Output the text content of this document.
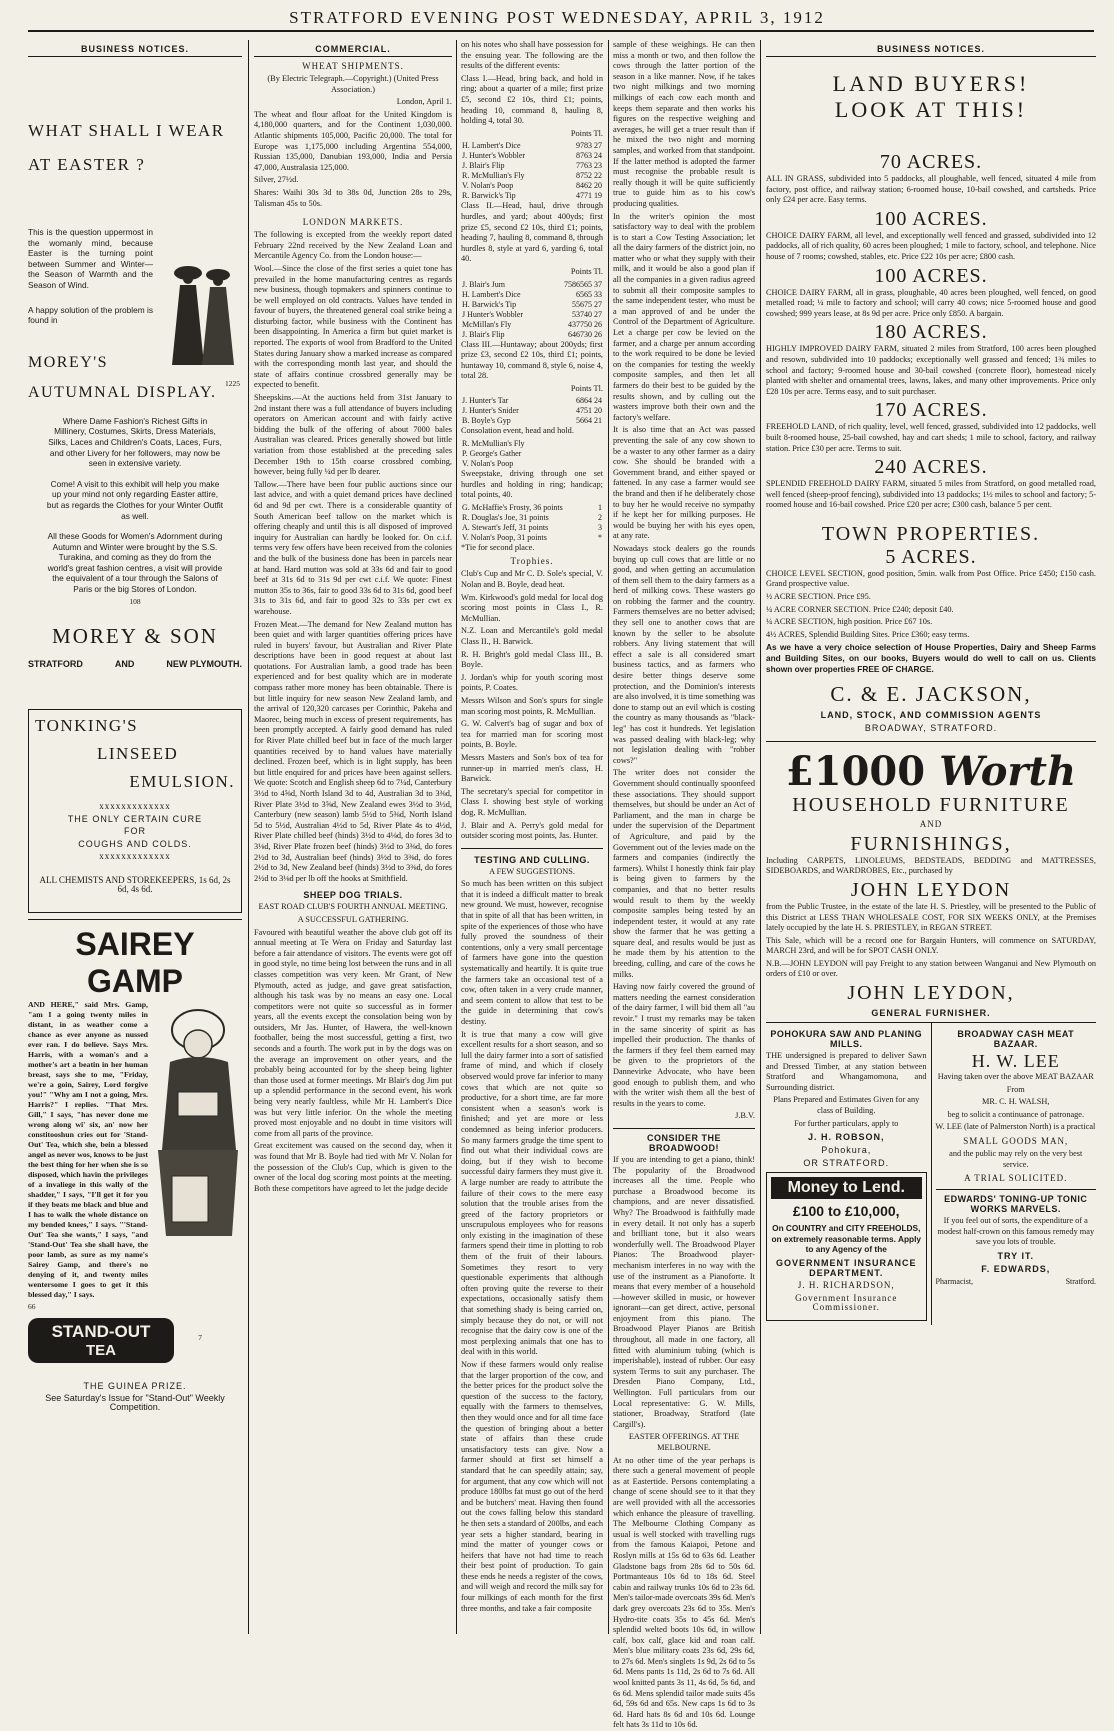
STRATFORD EVENING POST WEDNESDAY, APRIL 3, 1912
BUSINESS NOTICES.
WHAT SHALL I WEAR
AT EASTER ?

This is the question uppermost in the womanly mind, because Easter is the turning point between Summer and Winter—the Season of Warmth and the Season of Wind.

A happy solution of the problem is found in

1225
MOREY'S
AUTUMNAL DISPLAY.

Where Dame Fashion's Richest Gifts in Millinery, Costumes, Skirts, Dress Materials, Silks, Laces and Children's Coats, Laces, Furs, and other Livery for her followers, may now be seen in extensive variety.

Come! A visit to this exhibit will help you make up your mind not only regarding Easter attire, but as regards the Clothes for your Winter Outfit as well.

All these Goods for Women's Adornment during Autumn and Winter were brought by the S.S. Turakina, and coming as they do from the world's great fashion centres, a visit will provide the equivalent of a tour through the Salons of Paris or the big Stores of London.

108
MOREY & SON
STRATFORD	AND	NEW PLYMOUTH.
TONKING'S
LINSEED
EMULSION.
xxxxxxxxxxxxx
THE ONLY CERTAIN CURE
FOR
COUGHS AND COLDS.
xxxxxxxxxxxxx
ALL CHEMISTS AND STOREKEEPERS, 1s 6d, 2s 6d, 4s 6d.
SAIREY GAMP

AND HERE," said Mrs. Gamp, "am I a going twenty miles in distant, in as weather come a chance as ever anyone as nussed ever ran. I do believe. Says Mrs. Harris, with a woman's and a mother's art a beatin in her human breast, says she to me, "Friday, we're a goin, Sairey, Lord forgive you!" "Why am I not a going, Mrs. Harris?" I replies. "That Mrs. Gill," I says, "has never done me wrong along wi' six, an' now her constitooshun cries out for 'Stand-Out' Tea, which she, bein a blessed angel as never wos, knows to be just the best thing for her when she is so disposed, which havin the privileges of a invaliege in this wally of the shadder," I says, "I'll get it for you if they beats me black and blue and I has to walk the whole distance on my bended knees," I says. "'Stand-Out' Tea she wants," I says, "and 'Stand-Out' Tea she shall have, the poor lamb, as sure as my name's Sairey Gamp, and there's no denying of it, and twenty miles wentersome I goes to get it this blessed day," I says.

66
STAND-OUT
TEA
7
THE GUINEA PRIZE.
See Saturday's Issue for "Stand-Out" Weekly Competition.
COMMERCIAL.
WHEAT SHIPMENTS.

(By Electric Telegraph.—Copyright.) (United Press Association.)

London, April 1.

The wheat and flour afloat for the United Kingdom is 4,180,000 quarters, and for the Continent 1,030,000. Atlantic shipments 105,000, Pacific 20,000. The total for Europe was 1,175,000 including Argentina 554,000, Russian 135,000, Danubian 193,000, India and Persia 47,000, Australasia 125,000.

Silver, 27½d.

Shares: Waihi 30s 3d to 38s 0d, Junction 28s to 29s, Talisman 45s to 50s.

LONDON MARKETS.

The following is excepted from the weekly report dated February 22nd received by the New Zealand Loan and Mercantile Agency Co. from the London house:—

Wool.—Since the close of the first series a quiet tone has prevailed in the home manufacturing centres as regards new business, though topmakers and spinners continue to be well employed on old contracts. Values have tended in favour of buyers, the threatened general coal strike being a disturbing factor, while business with the Continent has been disappointing. In America a firm but quiet market is reported. The exports of wool from Bradford to the United States during January show a marked increase as compared with the corresponding month last year, and should the state of affairs continue crossbred generally may be expected to benefit.

Sheepskins.—At the auctions held from 31st January to 2nd instant there was a full attendance of buyers including operators on American account and with fairly active bidding the bulk of the offering of about 7000 bales Australian was cleared. Prices generally showed but little variation from those established at the preceding sales December 19th to 15th coarse crossbred combing, however, being fully ¼d per lb dearer.

Tallow.—There have been four public auctions since our last advice, and with a quiet demand prices have declined 6d and 9d per cwt. There is a considerable quantity of South American beef tallow on the market which is offering cheaply and until this is all disposed of improved inquiry for Australian can hardly be looked for. On c.i.f. terms very few offers have been received from the colonies and the bulk of the business done has been in parcels near at hand. Hard mutton was sold at 33s 6d and fair to good beef at 31s 6d to 31s 9d per cwt c.i.f. We quote: Finest mutton 35s to 36s, fair to good 33s 6d to 31s 6d, good beef 31s to 31s 6d, and fair to good 32s to 33s per cwt ex warehouse.

Frozen Meat.—The demand for New Zealand mutton has been quiet and with larger quantities offering prices have ruled in buyers' favour, but Australian and River Plate descriptions have been in good request at about last quotations. For Australian lamb, a good trade has been experienced and for best quality which are in moderate compass rather more money has been obtainable. There is but little inquiry for new season New Zealand lamb, and the arrival of 120,320 carcases per Corinthic, Pakeha and Maorec, being much in excess of present requirements, has been promptly accepted. A fairly good demand has ruled for River Plate chilled beef but in face of the much larger quantities received by to hand values have materially declined. Frozen beef, which is in light supply, has been but little enquired for and prices have been against sellers. We quote: Scotch and English sheep 6d to 7¼d, Canterbury 3½d to 4⅝d, North Island 3d to 4d, Australian 3d to 3⅜d, River Plate 3½d to 3⅝d, New Zealand ewes 3½d to 3½d, Canterbury (new season) lamb 5½d to 5⅜d, North Island 5d to 5½d, Australian 4½d to 5d, River Plate 4s to 4½d, River Plate chilled beef (hinds) 3½d to 4⅛d, do fores 3d to 3⅛d, River Plate frozen beef (hinds) 3½d to 3⅜d, do fores 2½d to 3d, Australian beef (hinds) 3½d to 3⅜d, do fores 2½d to 3d, New Zealand beef (hinds) 3½d to 3⅜d, do fores 2½d to 3⅛d per lb off the hooks at Smithfield.

SHEEP DOG TRIALS.

EAST ROAD CLUB'S FOURTH ANNUAL MEETING.

A SUCCESSFUL GATHERING.

Favoured with beautiful weather the above club got off its annual meeting at Te Wera on Friday and Saturday last before a fair attendance of visitors. The events were got off in good style, no time being lost between the runs and in all classes competition was very keen. Mr Grant, of New Plymouth, acted as judge, and gave great satisfaction, although his task was by no means an easy one. Local competitors were not quite so successful as in former years, all the events except the consolation being won by outsiders, Mr Jas. Hunter, of Hawera, the well-known footballer, being the most successful, getting a first, two seconds and a fourth. The work put in by the dogs was on the average an improvement on other years, and the probably being accounted for by the sheep being lighter than those used at former meetings. Mr Blair's dog Jim put up a splendid performance in the second event, his work being very nearly faultless, while Mr H. Lambert's Dice was but very little inferior. On the whole the meeting proved most enjoyable and no doubt in time visitors will come from all parts of the province.

Great excitement was caused on the second day, when it was found that Mr B. Boyle had tied with Mr V. Nolan for the possession of the Club's Cup, which is given to the owner of the local dog scoring most points at the meeting. Both these competitors have agreed to let the judge decide

on his notes who shall have possession for the ensuing year. The following are the results of the different events:

Class I.—Head, bring back, and hold in ring; about a quarter of a mile; first prize £5, second £2 10s, third £1; points, heading 10, command 8, hauling 8, holding 4, total 30.

Points Tl.
H. Lambert's Dice	9783 27
J. Hunter's Wobbler	8763 24
J. Blair's Flip	7763 23
R. McMullian's Fly	8752 22
V. Nolan's Poop	8462 20
R. Barwick's Tip	4771 19

Class II.—Head, haul, drive through hurdles, and yard; about 400yds; first prize £5, second £2 10s, third £1; points, heading 7, hauling 8, command 8, through hurdles 8, style at yard 6, yarding 6, total 40.

Points Tl.
J. Blair's Jum	7586565 37
H. Lambert's Dice	6565 33
H. Barwick's Tip	55675 27
J Hunter's Wobbler	53740 27
McMillan's Fly	437750 26
J. Blair's Flip	646730 26

Class III.—Huntaway; about 200yds; first prize £3, second £2 10s, third £1; points, huntaway 10, command 8, style 6, noise 4, total 28.

Points Tl.
J. Hunter's Tar	6864 24
J. Hunter's Snider	4751 20
B. Boyle's Gyp	5664 21

Consolation event, head and hold.

R. McMullian's Fly	
P. George's Gather	
V. Nolan's Poop	

Sweepstake, driving through one set hurdles and holding in ring; handicap; total points, 40.

G. McHaffie's Frosty, 36 points	1
R. Douglas's Joe, 31 points	2
A. Stewart's Jeff, 31 points	3
V. Nolan's Poop, 31 points	*

*Tie for second place.

Trophies.

Club's Cup and Mr C. D. Sole's special, V. Nolan and B. Boyle, dead heat.

Wm. Kirkwood's gold medal for local dog scoring most points in Class I., R. McMullian.

N.Z. Loan and Mercantile's gold medal Class II., H. Barwick.

R. H. Bright's gold medal Class III., B. Boyle.

J. Jordan's whip for youth scoring most points, P. Coates.

Messrs Wilson and Son's spurs for single man scoring most points, R. McMullian.

G. W. Calvert's bag of sugar and box of tea for married man for scoring most points, B. Boyle.

Messrs Masters and Son's box of tea for runner-up in married men's class, H. Barwick.

The secretary's special for competitor in Class I. showing best style of working dog, R. McMullian.

J. Blair and A. Perry's gold medal for outsider scoring most points, Jas. Hunter.

TESTING AND CULLING.

A FEW SUGGESTIONS.

So much has been written on this subject that it is indeed a difficult matter to break new ground. We must, however, recognise that in spite of all that has been written, in spite of the experiences of those who have fully proved the soundness of their contentions, only a very small percentage of farmers have gone into the question systematically and heartily. It is quite true the farmers take an occasional test of a cow, often taken in a very crude manner, and seem content to allow that test to be the guide in determining that cow's destiny.

It is true that many a cow will give excellent results for a short season, and so lull the dairy farmer into a sort of satisfied frame of mind, and which if closely observed would prove far inferior to many cows that which are not quite so productive, for a short time, are far more consistent when a season's work is finished; and yet are more or less condemned as being inferior producers. So many farmers grudge the time spent to find out what their individual cows are doing, but if they wish to become successful dairy farmers they must give it. A large number are ready to attribute the failure of their cows to the mere easy solution that the trouble arises from the greed of the factory proprietors or unscrupulous employees who for reasons only existing in the imagination of these farmers spend their time in plotting to rob them of the fruit of their labours. Sometimes they resort to very questionable experiments that although often proving quite the reverse to their expectations, occasionally satisfy them that something shady is being carried on, simply because they do not, or will not recognise that the dairy cow is one of the most perplexing animals that one has to deal with in this world.

Now if these farmers would only realise that the larger proportion of the cow, and the better prices for the product solve the question of the success to the factory, equally with the farmers to themselves, then they would once and for all time face the question of bringing about a better state of affairs than these crude unsatisfactory tests can give. Now a farmer should at first set himself a standard that he can speedily attain; say, for argument, that any cow which will not produce 180lbs fat must go out of the herd and be butchers' meat. Having then found out the cows falling below this standard he then sets a standard of 200lbs, and each year sets a higher standard, bearing in mind the matter of younger cows or heifers that have not had time to reach their best point of production. To gain these ends he needs a register of the cows, and will weigh and record the milk say for four milkings of each month for the first three months, and take a fair composite

sample of these weighings. He can then miss a month or two, and then follow the cows through the latter portion of the season in a like manner. Now, if he takes two night milkings and two morning milkings of each cow each month and keeps them separate and then works his figures on the respective weighing and averages, he will get a truer result than if he mixed the two night and morning samples, and worked from that standpoint. If the latter method is adopted the farmer must recognise the probable result is really though it will be quite sufficiently true to guide him as to his cow's producing qualities.

In the writer's opinion the most satisfactory way to deal with the problem is to start a Cow Testing Association; let all the dairy farmers of the district join, no matter who or what they supply with their milk, and it would be also a good plan if all the companies in a given radius agreed to submit all their composite samples to the same independent tester, who must be a man approved of and be under the Control of the Department of Agriculture. Let a charge per cow be levied on the farmer, and a charge per annum according to the work required to be done be levied on the companies for testing the weekly composite samples, and then let all farmers do their best to be guided by the results shown, and by culling out the wasters improve both their own and the factory's welfare.

It is also time that an Act was passed preventing the sale of any cow shown to be a waster to any other farmer as a dairy cow. She should be branded with a Government brand, and either spayed or fattened. In any case a farmer would see the brand and then if he deliberately chose to buy her he would receive no sympathy if he kept her for milking purposes. He would be buying her with his eyes open, at any rate.

Nowadays stock dealers go the rounds buying up cull cows that are little or no good, and when getting an accumulation of them sell them to the dairy farmers as a herd of milking cows. These wasters go on robbing the farmer and the country. Farmers themselves are no better advised; they sell one to another cows that are known by the seller to be absolute robbers. Any living statement that will effect a sale is all considered smart business tactics, and as farmers who desire better things deserve some protection, and the Dominion's interests are also involved, it is time something was done to stamp out an evil which is costing the country as many thousands as "black-leg" has cost it hundreds. Yet legislation was passed dealing with black-leg; why not legislation dealing with "robber cows?"

The writer does not consider the Government should continually spoonfeed these associations. They should support themselves, but should be under an Act of Parliament, and the man in charge be under the supervision of the Department of Agriculture, and paid by the Government out of the levies made on the farmers and companies (indirectly the farmers). Whilst I honestly think fair play is being given to farmers by the companies, and that no better results would result to them by the weekly composite samples being tested by an independent tester, it would at any rate show the farmer that he was getting a square deal, and results would be just as he made them by his attention to the breeding, culling, and care of the cows he milks.

Having now fairly covered the ground of matters needing the earnest consideration of the dairy farmer, I will bid them all "au revoir." I trust my remarks may be taken in the same sincerity of spirit as has impelled their production. The thanks of the farmers if they feel them earned may be given to the proprietors of the Dannevirke Advocate, who have been good enough to publish them, and who with the writer wish them all the best of results in the years to come.

J.B.V.

CONSIDER THE BROADWOOD!

If you are intending to get a piano, think! The popularity of the Broadwood increases all the time. People who purchase a Broadwood become its champions, and are never dissatisfied. Why? The Broadwood is faithfully made in every detail. It not only has a superb and brilliant tone, but it also wears wonderfully well. The Broadwood Player Pianos: The Broadwood player-mechanism interferes in no way with the use of the instrument as a Pianoforte. It means that every member of a household—however skilled in music, or however ignorant—can get direct, active, personal enjoyment from this piano. The Broadwood Player Pianos are British throughout, all made in one factory, all fitted with aluminium tubing (which is imperishable), instead of rubber. Our easy system Terms to suit any purchaser. The Dresden Piano Company, Ltd., Wellington. Full particulars from our Local representative: G. W. Mills, stationer, Broadway, Stratford (late Cargill's).

EASTER OFFERINGS. AT THE MELBOURNE.

At no other time of the year perhaps is there such a general movement of people as at Eastertide. Persons contemplating a change of scene should see to it that they are well provided with all the accessories which enhance the pleasure of travelling. The Melbourne Clothing Company as usual is well stocked with travelling rugs from the famous Kaiapoi, Petone and Roslyn mills at 15s 6d to 63s 6d. Leather Gladstone bags from 28s 6d to 50s 6d. Portmanteaus 10s 6d to 18s 6d. Steel cabin and railway trunks 10s 6d to 23s 6d. Men's tailor-made overcoats 39s 6d. Men's dark grey overcoats 23s 6d to 35s. Men's Hydro-tite coats 35s to 45s 6d. Men's splendid welted boots 10s 6d, in willow calf, box calf, glace kid and roan calf. Men's blue military coats 23s 6d, 29s 6d, to 27s 6d. Men's singlets 1s 9d, 2s 6d to 5s 6d. Mens pants 1s 11d, 2s 6d to 7s 6d. All wool knitted pants 3s 11, 4s 6d, 5s 6d, and 6s 6d. Mens splendid tailor made suits 45s 6d, 59s 6d and 65s. New caps 1s 6d to 3s 6d. Hard hats 8s 6d and 10s 6d. Lounge felt hats 3s 11d to 10s 6d.

BUSINESS NOTICES.
LAND BUYERS!
LOOK AT THIS!
70 ACRES.

ALL IN GRASS, subdivided into 5 paddocks, all ploughable, well fenced, situated 4 mile from factory, post office, and railway station; 6-roomed house, 10-bail cowshed, and cartsheds. Price only £24 per acre. Easy terms.

100 ACRES.

CHOICE DAIRY FARM, all level, and exceptionally well fenced and grassed, subdivided into 12 paddocks, all of rich quality, 60 acres been ploughed; 1 mile to factory, school, and telephone. Nice house of 7 rooms; cowshed, stables, etc. Price £22 10s per acre; £800 cash.

100 ACRES.

CHOICE DAIRY FARM, all in grass, ploughable, 40 acres been ploughed, well fenced, on good metalled road; ¼ mile to factory and school; will carry 40 cows; nice 5-roomed house and good cowshed; 999 years lease, at 8s 9d per acre. Price only £850. A bargain.

180 ACRES.

HIGHLY IMPROVED DAIRY FARM, situated 2 miles from Stratford, 100 acres been ploughed and resown, subdivided into 10 paddocks; exceptionally well grassed and fenced; 1¾ miles to school and factory; 9-roomed house and 30-bail cowshed (concrete floor), homestead nicely planted with shelter and ornamental trees, lawns, lakes, and many other improvements. Price only £28 10s per acre. Terms easy, and to suit purchaser.

170 ACRES.

FREEHOLD LAND, of rich quality, level, well fenced, grassed, subdivided into 12 paddocks, well built 8-roomed house, 25-bail cowshed, hay and cart sheds; 1 mile to school, factory, and railway station. Price £30 per acre. Terms to suit.

240 ACRES.

SPLENDID FREEHOLD DAIRY FARM, situated 5 miles from Stratford, on good metalled road, well fenced (sheep-proof fencing), subdivided into 13 paddocks; 1½ miles to school and factory; 5-roomed house and 16-bail cowshed. Price £20 per acre; £300 cash, balance 5 per cent.

TOWN PROPERTIES.
5 ACRES.

CHOICE LEVEL SECTION, good position, 5min. walk from Post Office. Price £450; £150 cash. Grand prospective value.

½ ACRE SECTION. Price £95.

¼ ACRE CORNER SECTION. Price £240; deposit £40.

¼ ACRE SECTION, high position. Price £67 10s.

4½ ACRES, Splendid Building Sites. Price £360; easy terms.

As we have a very choice selection of House Properties, Dairy and Sheep Farms and Building Sites, on our books, Buyers would do well to call on us. Clients shown over properties FREE OF CHARGE.

C. & E. JACKSON,
LAND, STOCK, AND COMMISSION AGENTS
BROADWAY, STRATFORD.
£1000 Worth
HOUSEHOLD FURNITURE
AND
FURNISHINGS,

Including CARPETS, LINOLEUMS, BEDSTEADS, BEDDING and MATTRESSES, SIDEBOARDS, and WARDROBES, Etc., purchased by

JOHN LEYDON

from the Public Trustee, in the estate of the late H. S. Priestley, will be presented to the Public of this District at LESS THAN WHOLESALE COST, FOR SIX WEEKS ONLY, at the Premises lately occupied by the late H. S. PRIESTLEY, in REGAN STREET.

This Sale, which will be a record one for Bargain Hunters, will commence on SATURDAY, MARCH 23rd, and will be for SPOT CASH ONLY.

N.B.—JOHN LEYDON will pay Freight to any station between Wanganui and New Plymouth on orders of £10 or over.

JOHN LEYDON,
GENERAL FURNISHER.
POHOKURA SAW AND PLANING MILLS.

THE undersigned is prepared to deliver Sawn and Dressed Timber, at any station between Stratford and Whangamomona, and Surrounding district.

Plans Prepared and Estimates Given for any class of Building.

For further particulars, apply to

J. H. ROBSON,
Pohokura,
OR STRATFORD.
Money to Lend.
£100 to £10,000,

On COUNTRY and CITY FREEHOLDS, on extremely reasonable terms. Apply to any Agency of the

GOVERNMENT INSURANCE DEPARTMENT.
J. H. RICHARDSON,
Government Insurance Commissioner.
BROADWAY CASH MEAT BAZAAR.
H. W. LEE

Having taken over the above MEAT BAZAAR

From

MR. C. H. WALSH,

beg to solicit a continuance of patronage.

W. LEE (late of Palmerston North) is a practical

SMALL GOODS MAN,

and the public may rely on the very best service.

A TRIAL SOLICITED.
EDWARDS' TONING-UP TONIC WORKS MARVELS.

If you feel out of sorts, the expenditure of a modest half-crown on this famous remedy may save you lots of trouble.

TRY IT.
F. EDWARDS,
Pharmacist,	Stratford.
